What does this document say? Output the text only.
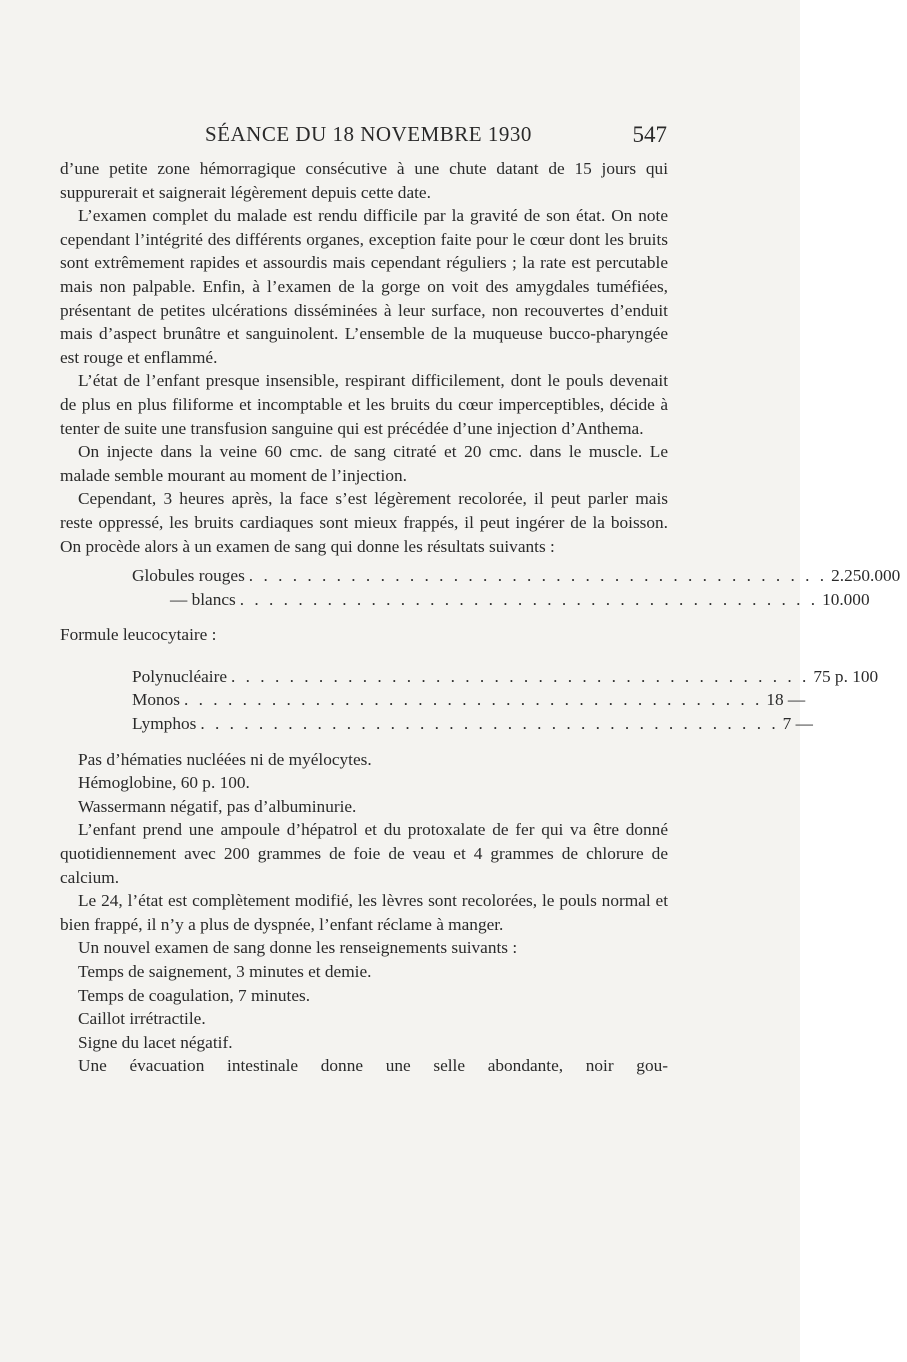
SÉANCE DU 18 NOVEMBRE 1930	547

d’une petite zone hémorragique consécutive à une chute datant de 15 jours qui suppurerait et saignerait légèrement depuis cette date.

L’examen complet du malade est rendu difficile par la gravité de son état. On note cependant l’intégrité des différents organes, exception faite pour le cœur dont les bruits sont extrêmement rapides et assourdis mais cependant réguliers ; la rate est percutable mais non palpable. Enfin, à l’examen de la gorge on voit des amygdales tuméfiées, présentant de petites ulcérations disséminées à leur surface, non recouvertes d’enduit mais d’aspect brunâtre et sanguinolent. L’ensemble de la muqueuse bucco-pharyngée est rouge et enflammé.

L’état de l’enfant presque insensible, respirant difficilement, dont le pouls devenait de plus en plus filiforme et incomptable et les bruits du cœur imperceptibles, décide à tenter de suite une transfusion sanguine qui est précédée d’une injection d’Anthema.

On injecte dans la veine 60 cmc. de sang citraté et 20 cmc. dans le muscle. Le malade semble mourant au moment de l’injection.

Cependant, 3 heures après, la face s’est légèrement recolorée, il peut parler mais reste oppressé, les bruits cardiaques sont mieux frappés, il peut ingérer de la boisson. On procède alors à un examen de sang qui donne les résultats suivants :

Globules rouges . . . . . . . . . . . . . . . . . . . . . . . . . . . . . . . . . . . . . . . . 2.250.000
— blancs . . . . . . . . . . . . . . . . . . . . . . . . . . . . . . . . . . . . . . . . 10.000

Formule leucocytaire :

Polynucléaire . . . . . . . . . . . . . . . . . . . . . . . . . . . . . . . . . . . . . . . . 75 p. 100
Monos . . . . . . . . . . . . . . . . . . . . . . . . . . . . . . . . . . . . . . . . 18 —
Lymphos . . . . . . . . . . . . . . . . . . . . . . . . . . . . . . . . . . . . . . . . 7 —

Pas d’hématies nucléées ni de myélocytes.

Hémoglobine, 60 p. 100.

Wassermann négatif, pas d’albuminurie.

L’enfant prend une ampoule d’hépatrol et du protoxalate de fer qui va être donné quotidiennement avec 200 grammes de foie de veau et 4 grammes de chlorure de calcium.

Le 24, l’état est complètement modifié, les lèvres sont recolorées, le pouls normal et bien frappé, il n’y a plus de dyspnée, l’enfant réclame à manger.

Un nouvel examen de sang donne les renseignements suivants :

Temps de saignement, 3 minutes et demie.

Temps de coagulation, 7 minutes.

Caillot irrétractile.

Signe du lacet négatif.

Une évacuation intestinale donne une selle abondante, noir gou-
